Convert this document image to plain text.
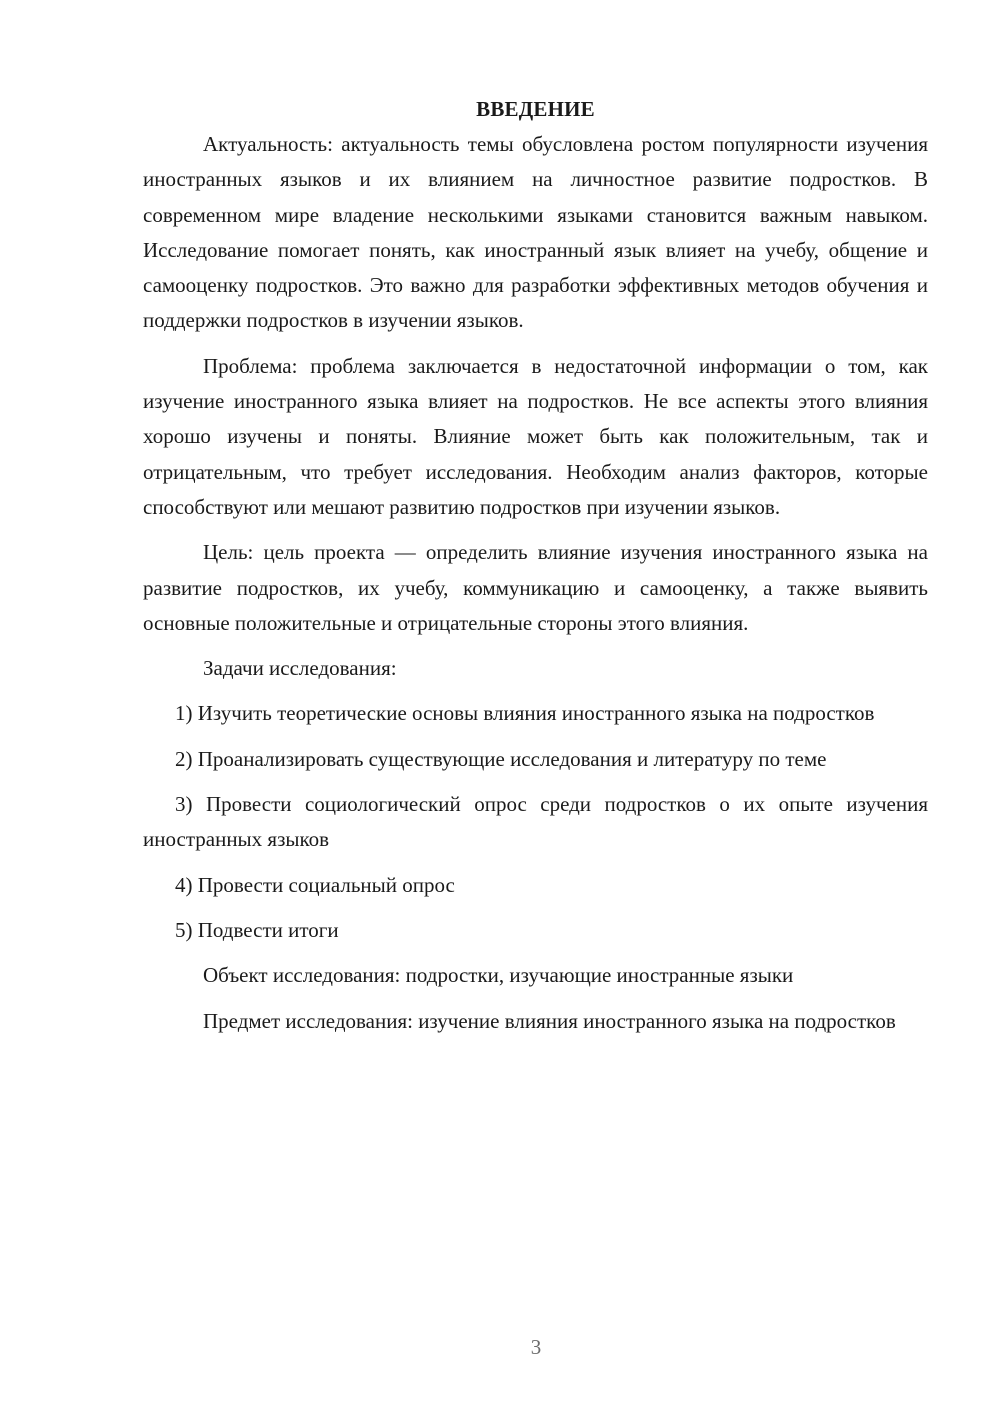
ВВЕДЕНИЕ

Актуальность: актуальность темы обусловлена ростом популярности изучения иностранных языков и их влиянием на личностное развитие подростков. В современном мире владение несколькими языками становится важным навыком. Исследование помогает понять, как иностранный язык влияет на учебу, общение и самооценку подростков. Это важно для разработки эффективных методов обучения и поддержки подростков в изучении языков.

Проблема: проблема заключается в недостаточной информации о том, как изучение иностранного языка влияет на подростков. Не все аспекты этого влияния хорошо изучены и поняты. Влияние может быть как положительным, так и отрицательным, что требует исследования. Необходим анализ факторов, которые способствуют или мешают развитию подростков при изучении языков.

Цель: цель проекта — определить влияние изучения иностранного языка на развитие подростков, их учебу, коммуникацию и самооценку, а также выявить основные положительные и отрицательные стороны этого влияния.

Задачи исследования:

1) Изучить теоретические основы влияния иностранного языка на подростков

2) Проанализировать существующие исследования и литературу по теме

3) Провести социологический опрос среди подростков о их опыте изучения иностранных языков

4) Провести социальный опрос

5) Подвести итоги

Объект исследования: подростки, изучающие иностранные языки

Предмет исследования: изучение влияния иностранного языка на подростков

3
